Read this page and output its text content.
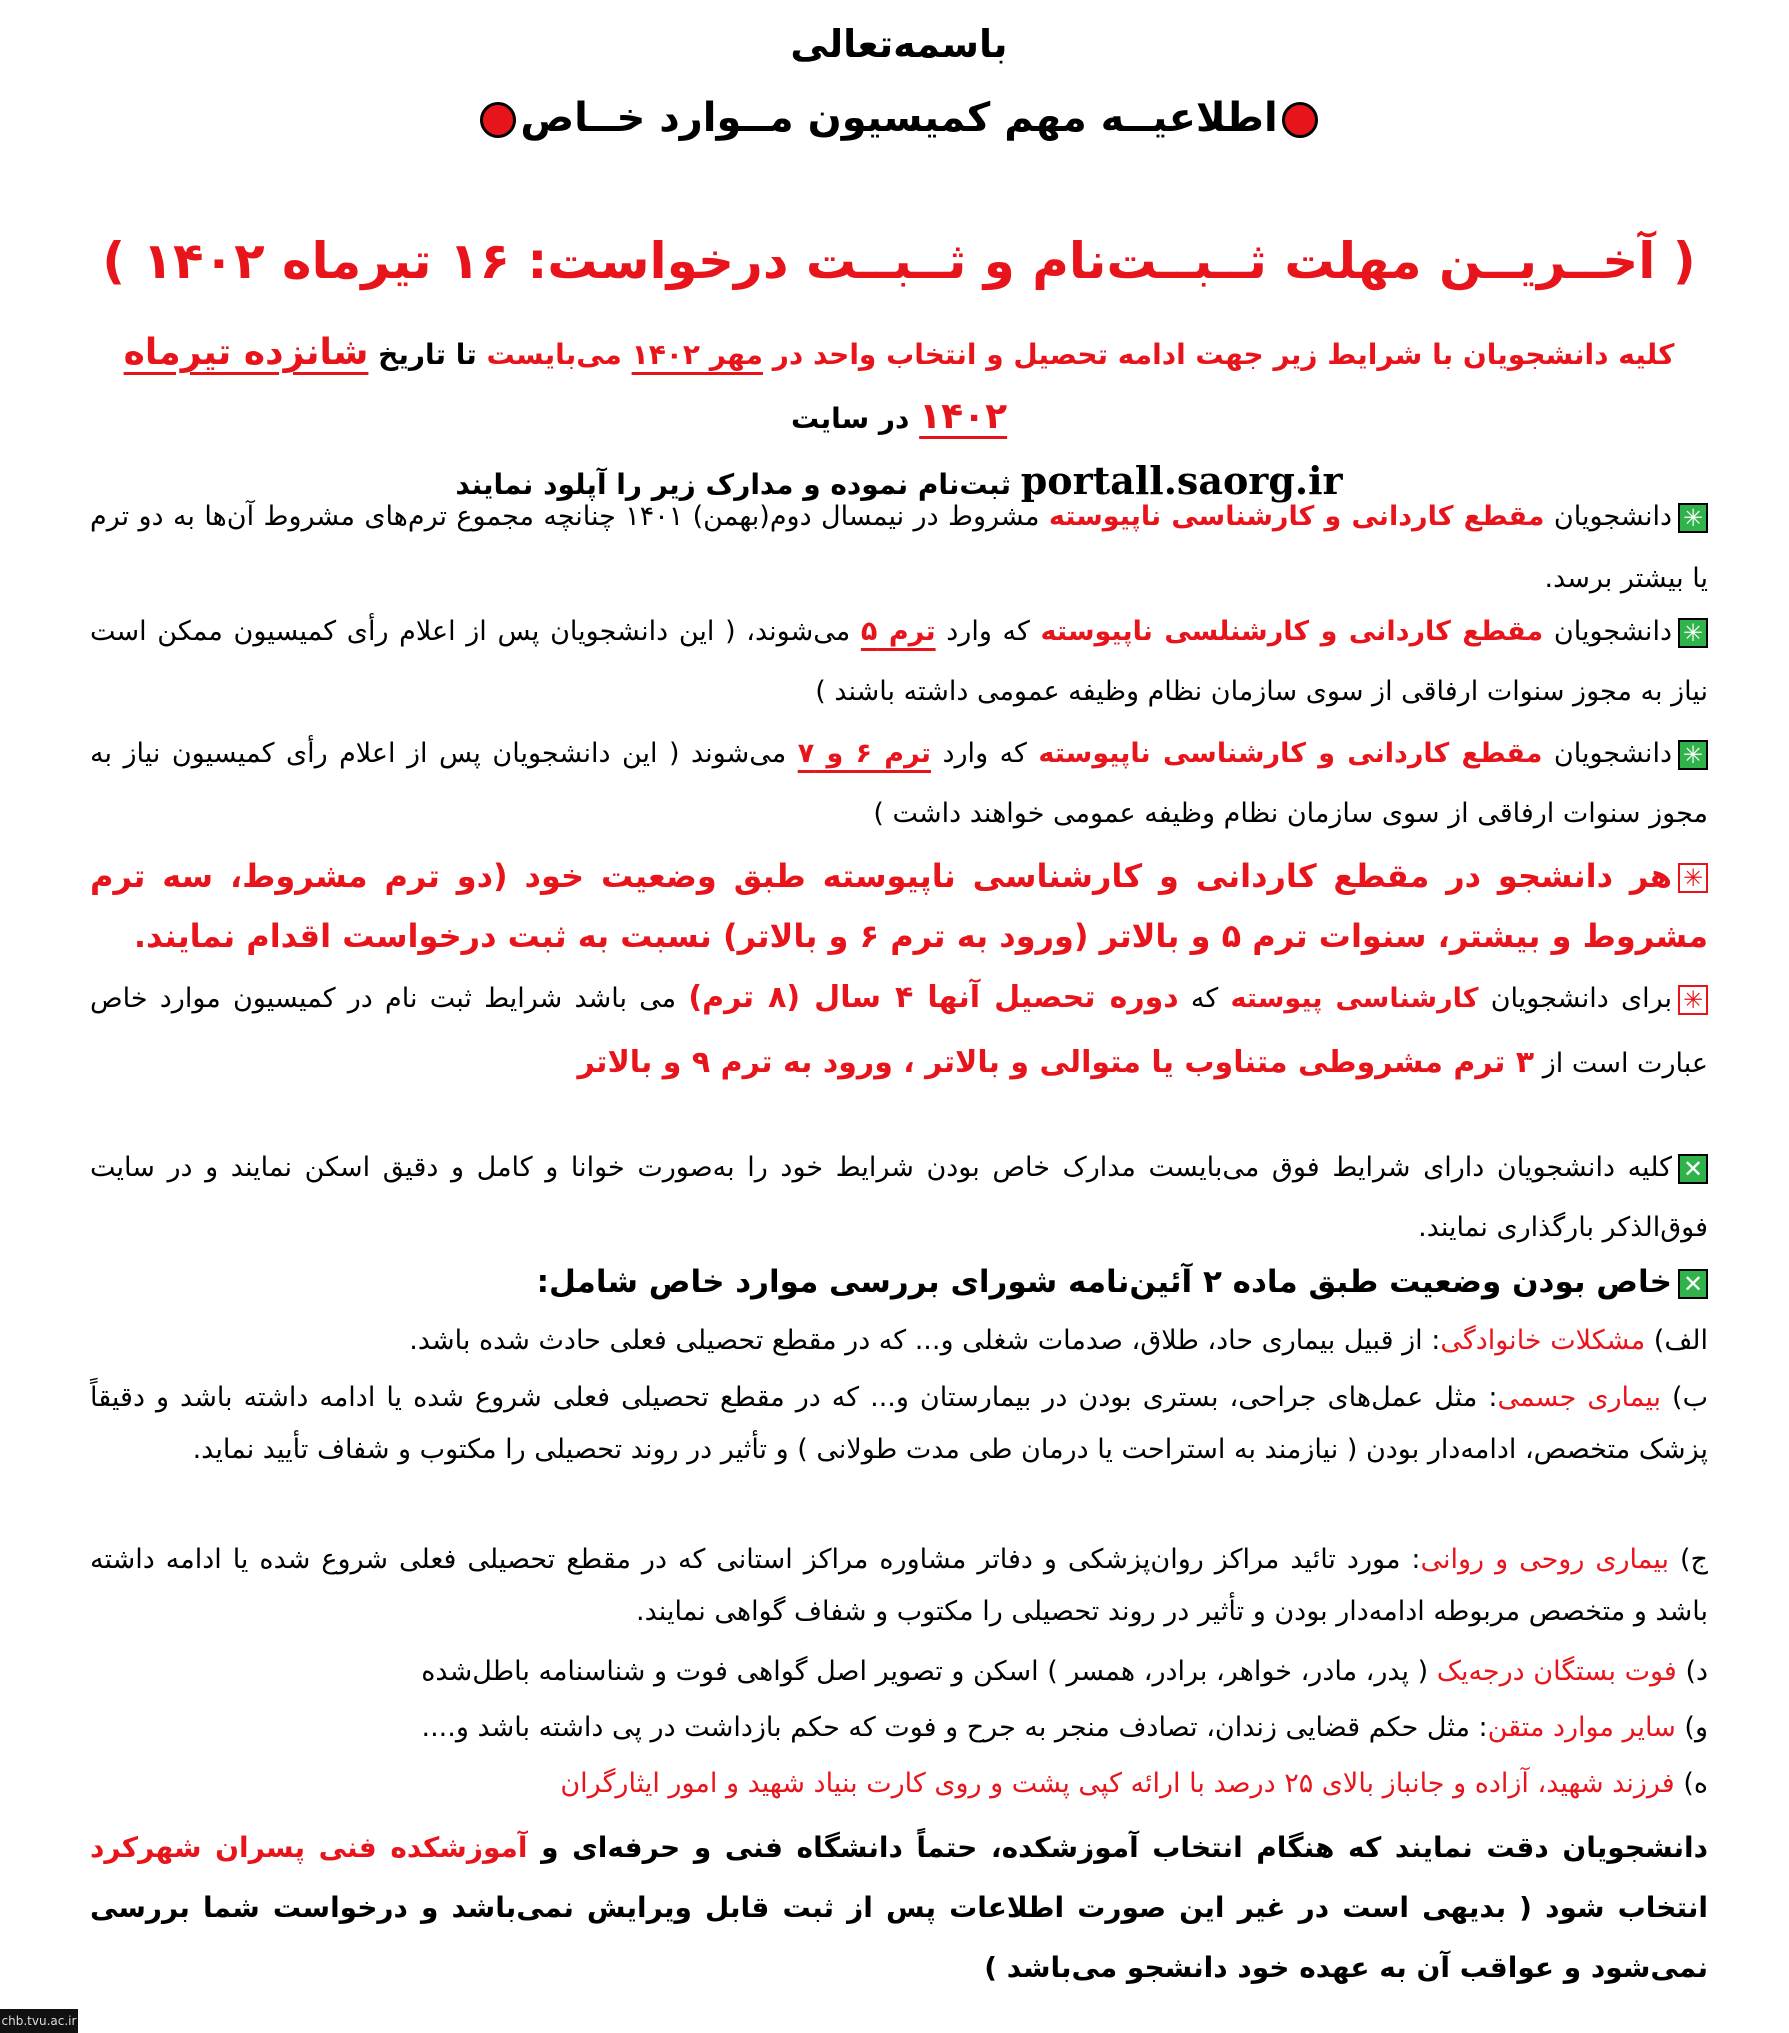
باسمه‌تعالی
اطلاعیــه مهم کمیسیون مــوارد خــاص
( آخــریــن مهلت ثــبــت‌نام و ثــبــت درخواست: ۱۶ تیرماه ۱۴۰۲ )
کلیه دانشجویان با شرایط زیر جهت ادامه تحصیل و انتخاب واحد در مهر ۱۴۰۲ می‌بایست تا تاریخ شانزده تیرماه ۱۴۰۲ در سایت
portall.saorg.ir ثبت‌نام نموده و مدارک زیر را آپلود نمایند
✳دانشجویان مقطع کاردانی و کارشناسی ناپیوسته مشروط در نیمسال دوم(بهمن) ۱۴۰۱ چنانچه مجموع ترم‌های مشروط آن‌ها به دو ترم یا بیشتر برسد.
✳دانشجویان مقطع کاردانی و کارشنلسی ناپیوسته که وارد ترم ۵ می‌شوند، ( این دانشجویان پس از اعلام رأی کمیسیون ممکن است نیاز به مجوز سنوات ارفاقی از سوی سازمان نظام وظیفه عمومی داشته باشند )
✳دانشجویان مقطع کاردانی و کارشناسی ناپیوسته که وارد ترم ۶ و ۷ می‌شوند ( این دانشجویان پس از اعلام رأی کمیسیون نیاز به مجوز سنوات ارفاقی از سوی سازمان نظام وظیفه عمومی خواهند داشت )
✳هر دانشجو در مقطع کاردانی و کارشناسی ناپیوسته طبق وضعیت خود (دو ترم مشروط، سه ترم مشروط و بیشتر، سنوات ترم ۵ و بالاتر (ورود به ترم ۶ و بالاتر) نسبت به ثبت درخواست اقدام نمایند.
✳برای دانشجویان کارشناسی پیوسته که دوره تحصیل آنها ۴ سال (۸ ترم) می باشد شرایط ثبت نام در کمیسیون موارد خاص عبارت است از ۳ ترم مشروطی متناوب یا متوالی و بالاتر ، ورود به ترم ۹ و بالاتر
✕کلیه دانشجویان دارای شرایط فوق می‌بایست مدارک خاص بودن شرایط خود را به‌صورت خوانا و کامل و دقیق اسکن نمایند و در سایت فوق‌الذکر بارگذاری نمایند.
✕خاص بودن وضعیت طبق ماده ۲ آئین‌نامه شورای بررسی موارد خاص شامل:
الف) مشکلات خانوادگی: از قبیل بیماری حاد، طلاق، صدمات شغلی و... که در مقطع تحصیلی فعلی حادث شده باشد.
ب) بیماری جسمی: مثل عمل‌های جراحی، بستری بودن در بیمارستان و... که در مقطع تحصیلی فعلی شروع شده یا ادامه داشته باشد و دقیقاً پزشک متخصص، ادامه‌دار بودن ( نیازمند به استراحت یا درمان طی مدت طولانی ) و تأثیر در روند تحصیلی را مکتوب و شفاف تأیید نماید.
ج) بیماری روحی و روانی: مورد تائید مراکز روان‌پزشکی و دفاتر مشاوره مراکز استانی که در مقطع تحصیلی فعلی شروع شده یا ادامه داشته باشد و متخصص مربوطه ادامه‌دار بودن و تأثیر در روند تحصیلی را مکتوب و شفاف گواهی نمایند.
د) فوت بستگان درجه‌یک ( پدر، مادر، خواهر، برادر، همسر ) اسکن و تصویر اصل گواهی فوت و شناسنامه باطل‌شده
و) سایر موارد متقن: مثل حکم قضایی زندان، تصادف منجر به جرح و فوت که حکم بازداشت در پی داشته باشد و....
ه) فرزند شهید، آزاده و جانباز بالای ۲۵ درصد با ارائه کپی پشت و روی کارت بنیاد شهید و امور ایثارگران
دانشجویان دقت نمایند که هنگام انتخاب آموزشکده، حتماً دانشگاه فنی و حرفه‌ای و آموزشکده فنی پسران شهرکرد انتخاب شود ( بدیهی است در غیر این صورت اطلاعات پس از ثبت قابل ویرایش نمی‌باشد و درخواست شما بررسی نمی‌شود و عواقب آن به عهده خود دانشجو می‌باشد )
chb.tvu.ac.ir
